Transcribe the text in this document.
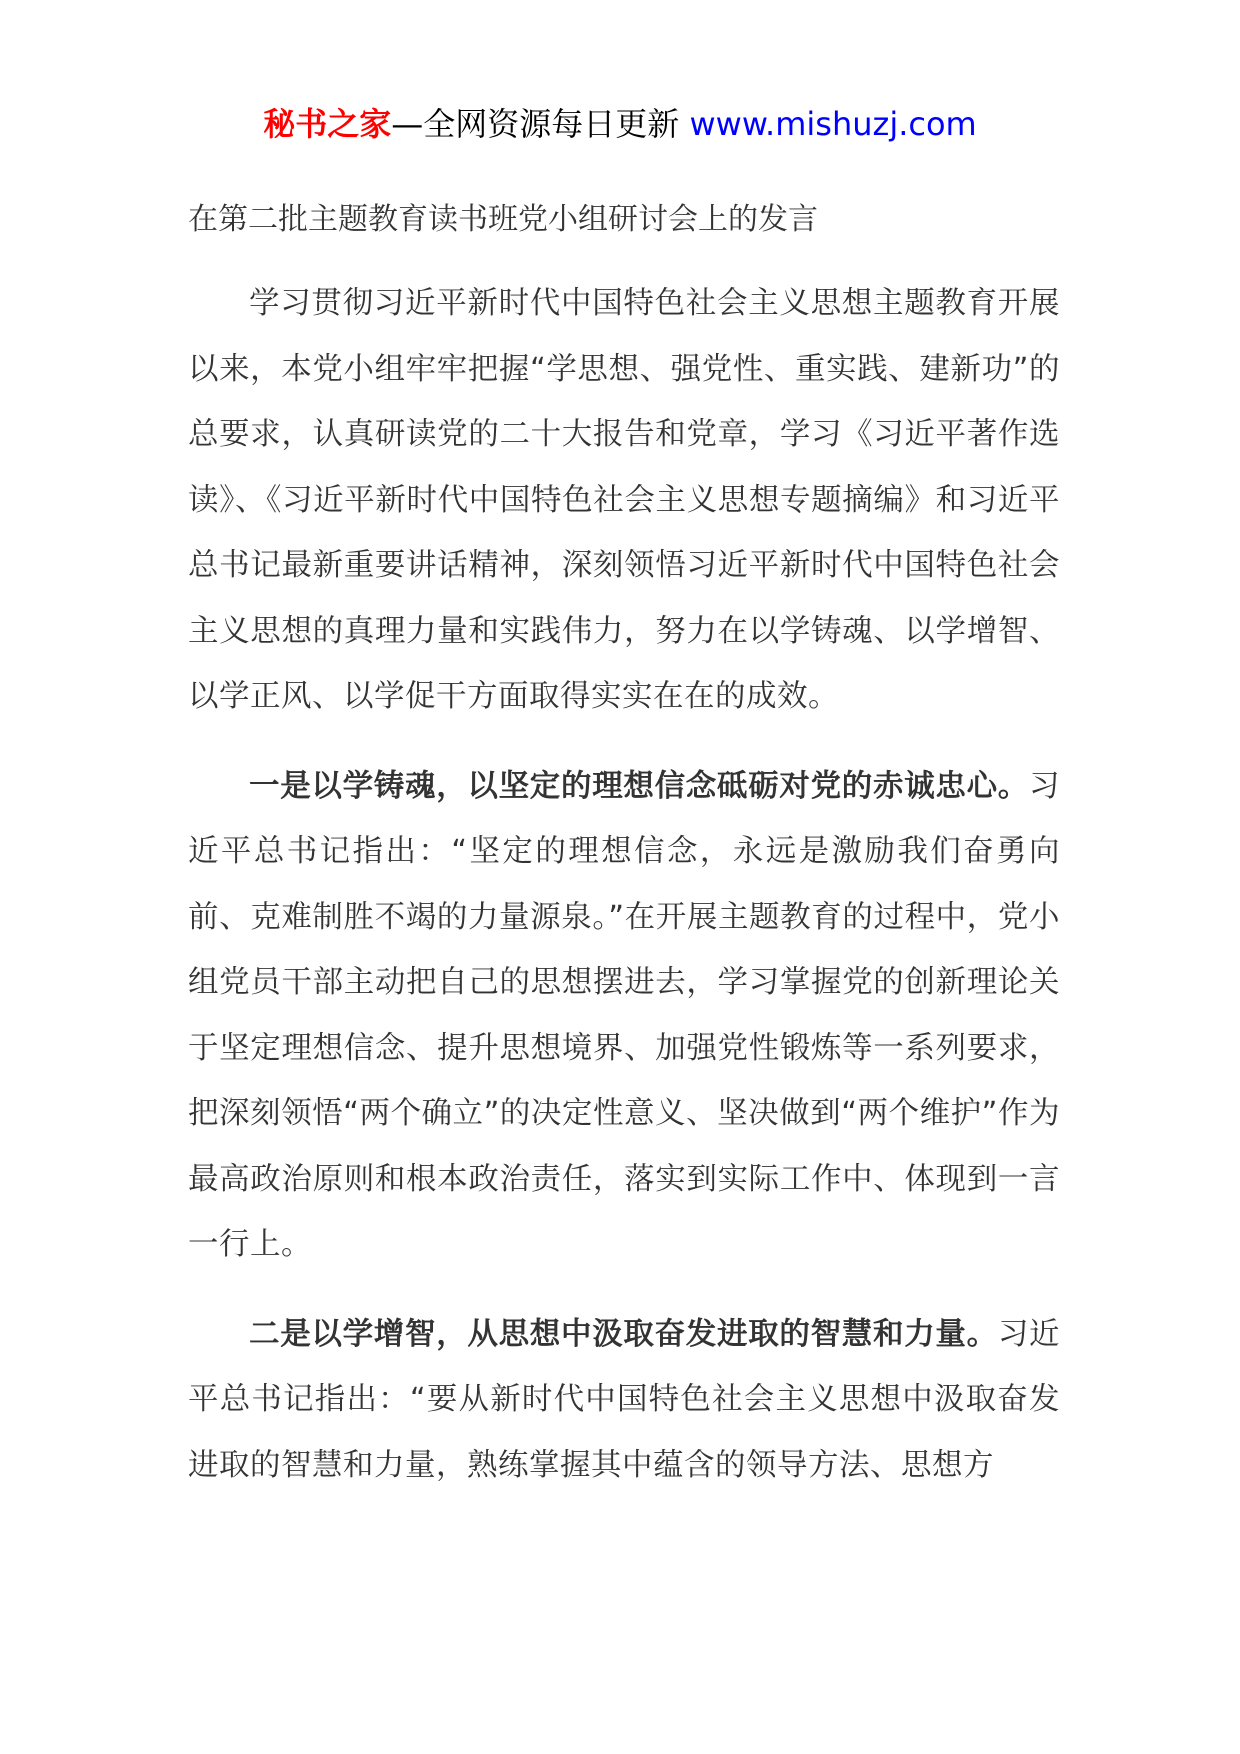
秘书之家—全网资源每日更新 www.mishuzj.com
在第二批主题教育读书班党小组研讨会上的发言

学习贯彻习近平新时代中国特色社会主义思想主题教育开展以来，本党小组牢牢把握“学思想、强党性、重实践、建新功”的总要求，认真研读党的二十大报告和党章，学习《习近平著作选读》、《习近平新时代中国特色社会主义思想专题摘编》和习近平总书记最新重要讲话精神，深刻领悟习近平新时代中国特色社会主义思想的真理力量和实践伟力，努力在以学铸魂、以学增智、以学正风、以学促干方面取得实实在在的成效。

一是以学铸魂，以坚定的理想信念砥砺对党的赤诚忠心。习近平总书记指出：“坚定的理想信念，永远是激励我们奋勇向前、克难制胜不竭的力量源泉。”在开展主题教育的过程中，党小组党员干部主动把自己的思想摆进去，学习掌握党的创新理论关于坚定理想信念、提升思想境界、加强党性锻炼等一系列要求，把深刻领悟“两个确立”的决定性意义、坚决做到“两个维护”作为最高政治原则和根本政治责任，落实到实际工作中、体现到一言一行上。

二是以学增智，从思想中汲取奋发进取的智慧和力量。习近平总书记指出：“要从新时代中国特色社会主义思想中汲取奋发进取的智慧和力量，熟练掌握其中蕴含的领导方法、思想方
